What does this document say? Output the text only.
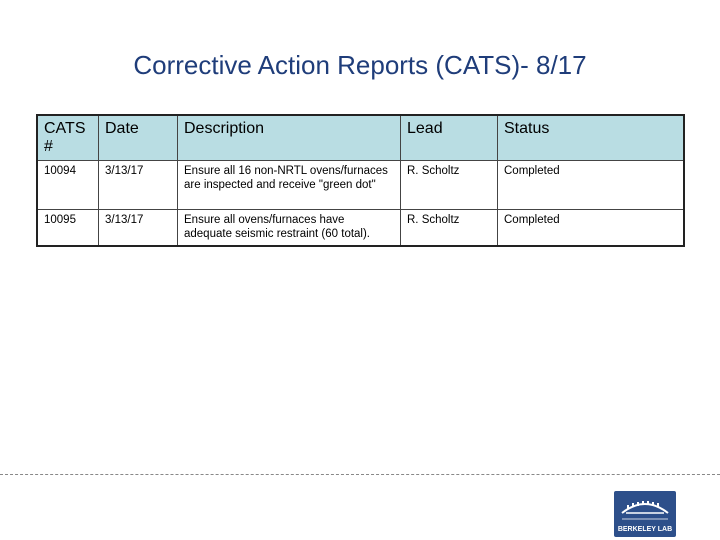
Corrective Action Reports (CATS)- 8/17
CATS #	Date	Description	Lead	Status
10094	3/13/17	Ensure all 16 non-NRTL ovens/furnaces are inspected and receive "green dot"	R. Scholtz	Completed
10095	3/13/17	Ensure all ovens/furnaces have adequate seismic restraint (60 total).	R. Scholtz	Completed
BERKELEY LAB
